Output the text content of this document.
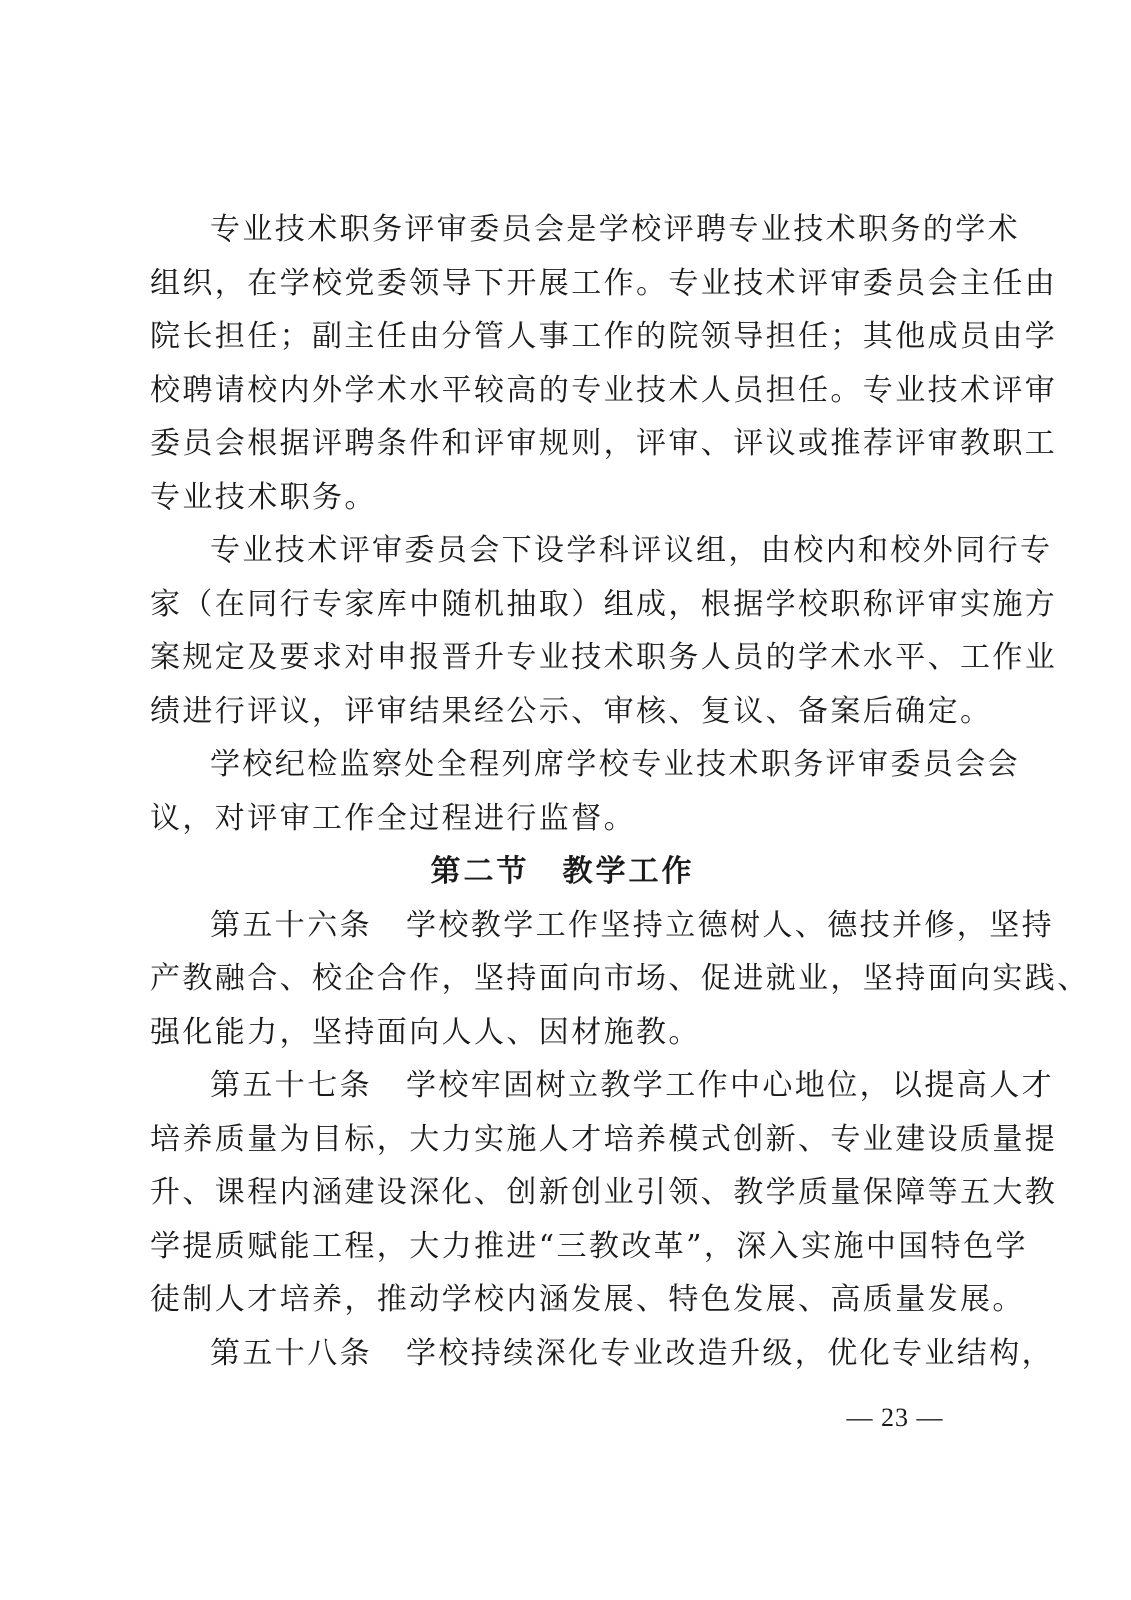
专业技术职务评审委员会是学校评聘专业技术职务的学术
组织，在学校党委领导下开展工作。专业技术评审委员会主任由
院长担任；副主任由分管人事工作的院领导担任；其他成员由学
校聘请校内外学术水平较高的专业技术人员担任。专业技术评审
委员会根据评聘条件和评审规则，评审、评议或推荐评审教职工
专业技术职务。
专业技术评审委员会下设学科评议组，由校内和校外同行专
家（在同行专家库中随机抽取）组成，根据学校职称评审实施方
案规定及要求对申报晋升专业技术职务人员的学术水平、工作业
绩进行评议，评审结果经公示、审核、复议、备案后确定。
学校纪检监察处全程列席学校专业技术职务评审委员会会
议，对评审工作全过程进行监督。
第二节　教学工作
第五十六条 学校教学工作坚持立德树人、德技并修，坚持
产教融合、校企合作，坚持面向市场、促进就业，坚持面向实践、
强化能力，坚持面向人人、因材施教。
第五十七条 学校牢固树立教学工作中心地位，以提高人才
培养质量为目标，大力实施人才培养模式创新、专业建设质量提
升、课程内涵建设深化、创新创业引领、教学质量保障等五大教
学提质赋能工程，大力推进“三教改革”，深入实施中国特色学
徒制人才培养，推动学校内涵发展、特色发展、高质量发展。
第五十八条 学校持续深化专业改造升级，优化专业结构，
— 23 —
